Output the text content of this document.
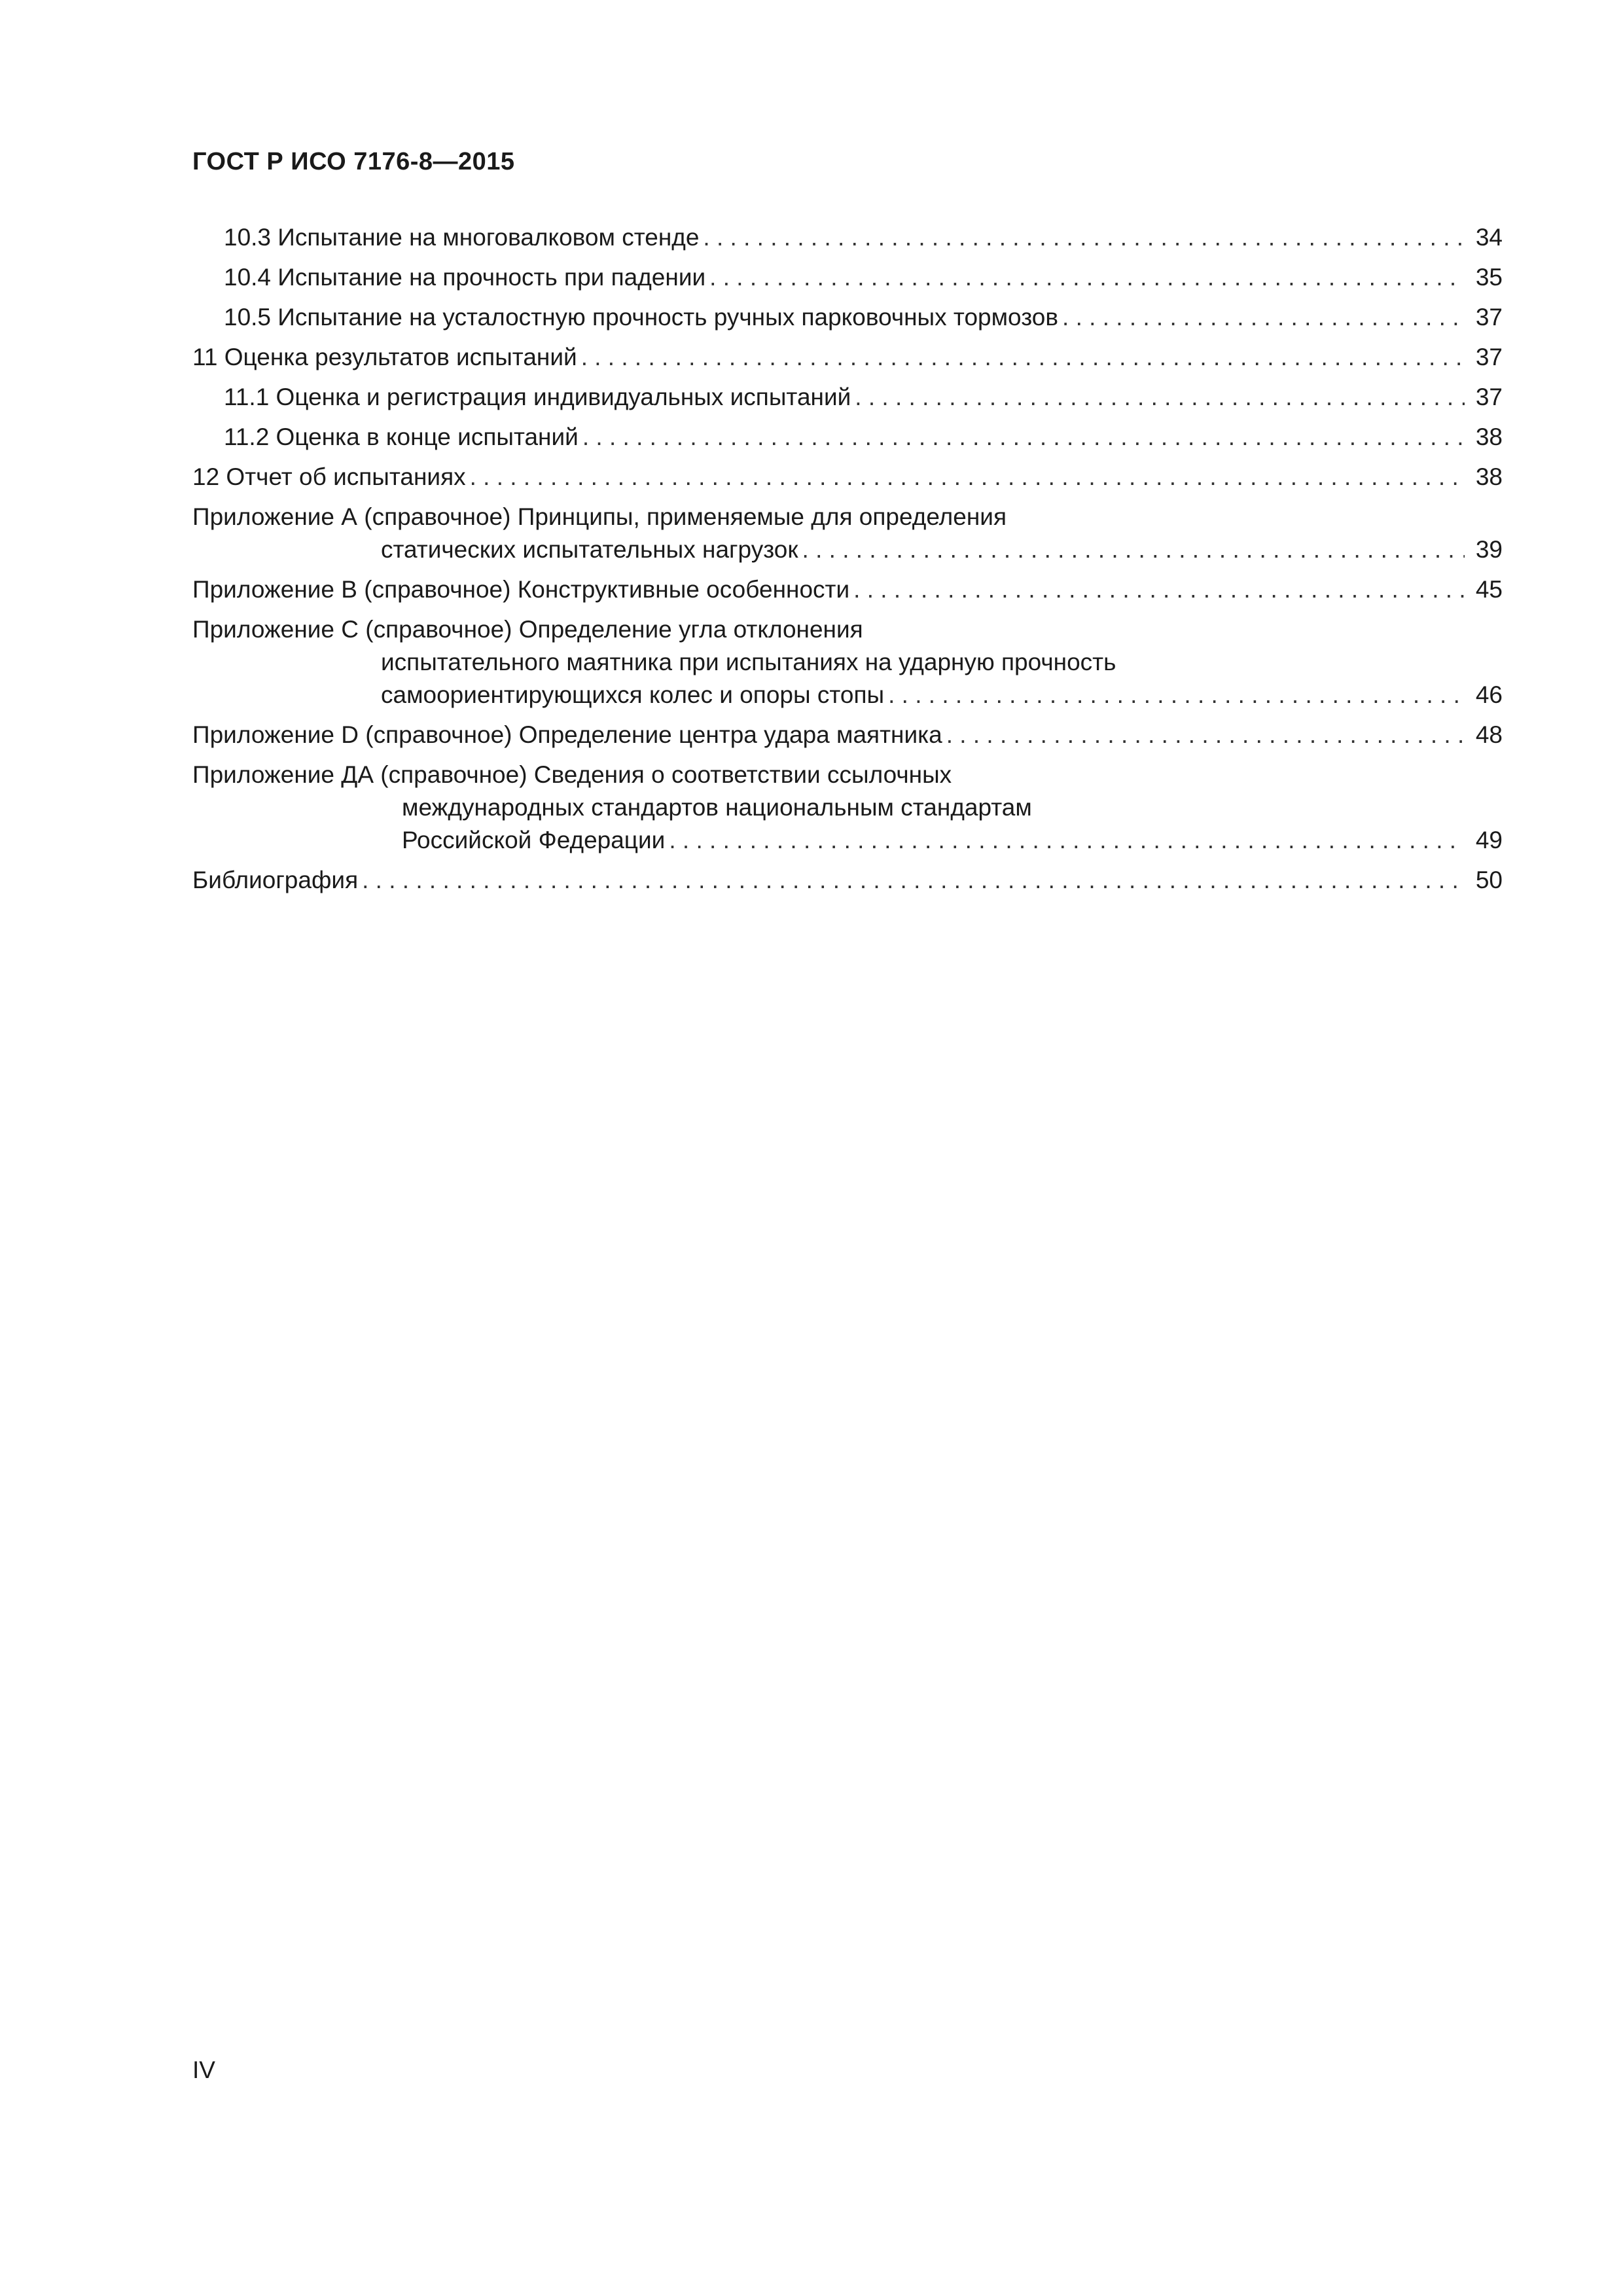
ГОСТ Р ИСО 7176-8—2015
10.3 Испытание на многовалковом стенде . . .	34
10.4 Испытание на прочность при падении . . .	35
10.5 Испытание на усталостную прочность ручных парковочных тормозов . . .	37
11 Оценка результатов испытаний . . .	37
11.1 Оценка и регистрация индивидуальных испытаний . . .	37
11.2 Оценка в конце испытаний . . .	38
12 Отчет об испытаниях . . .	38
Приложение А (справочное) Принципы, применяемые для определения
статических испытательных нагрузок . . .	39
Приложение В (справочное) Конструктивные особенности . . .	45
Приложение С (справочное) Определение угла отклонения
испытательного маятника при испытаниях на ударную прочность
самоориентирующихся колес и опоры стопы . . .	46
Приложение D (справочное) Определение центра удара маятника . . .	48
Приложение ДА (справочное) Сведения о соответствии ссылочных
международных стандартов национальным стандартам
Российской Федерации . . .	49
Библиография . . .	50
IV
